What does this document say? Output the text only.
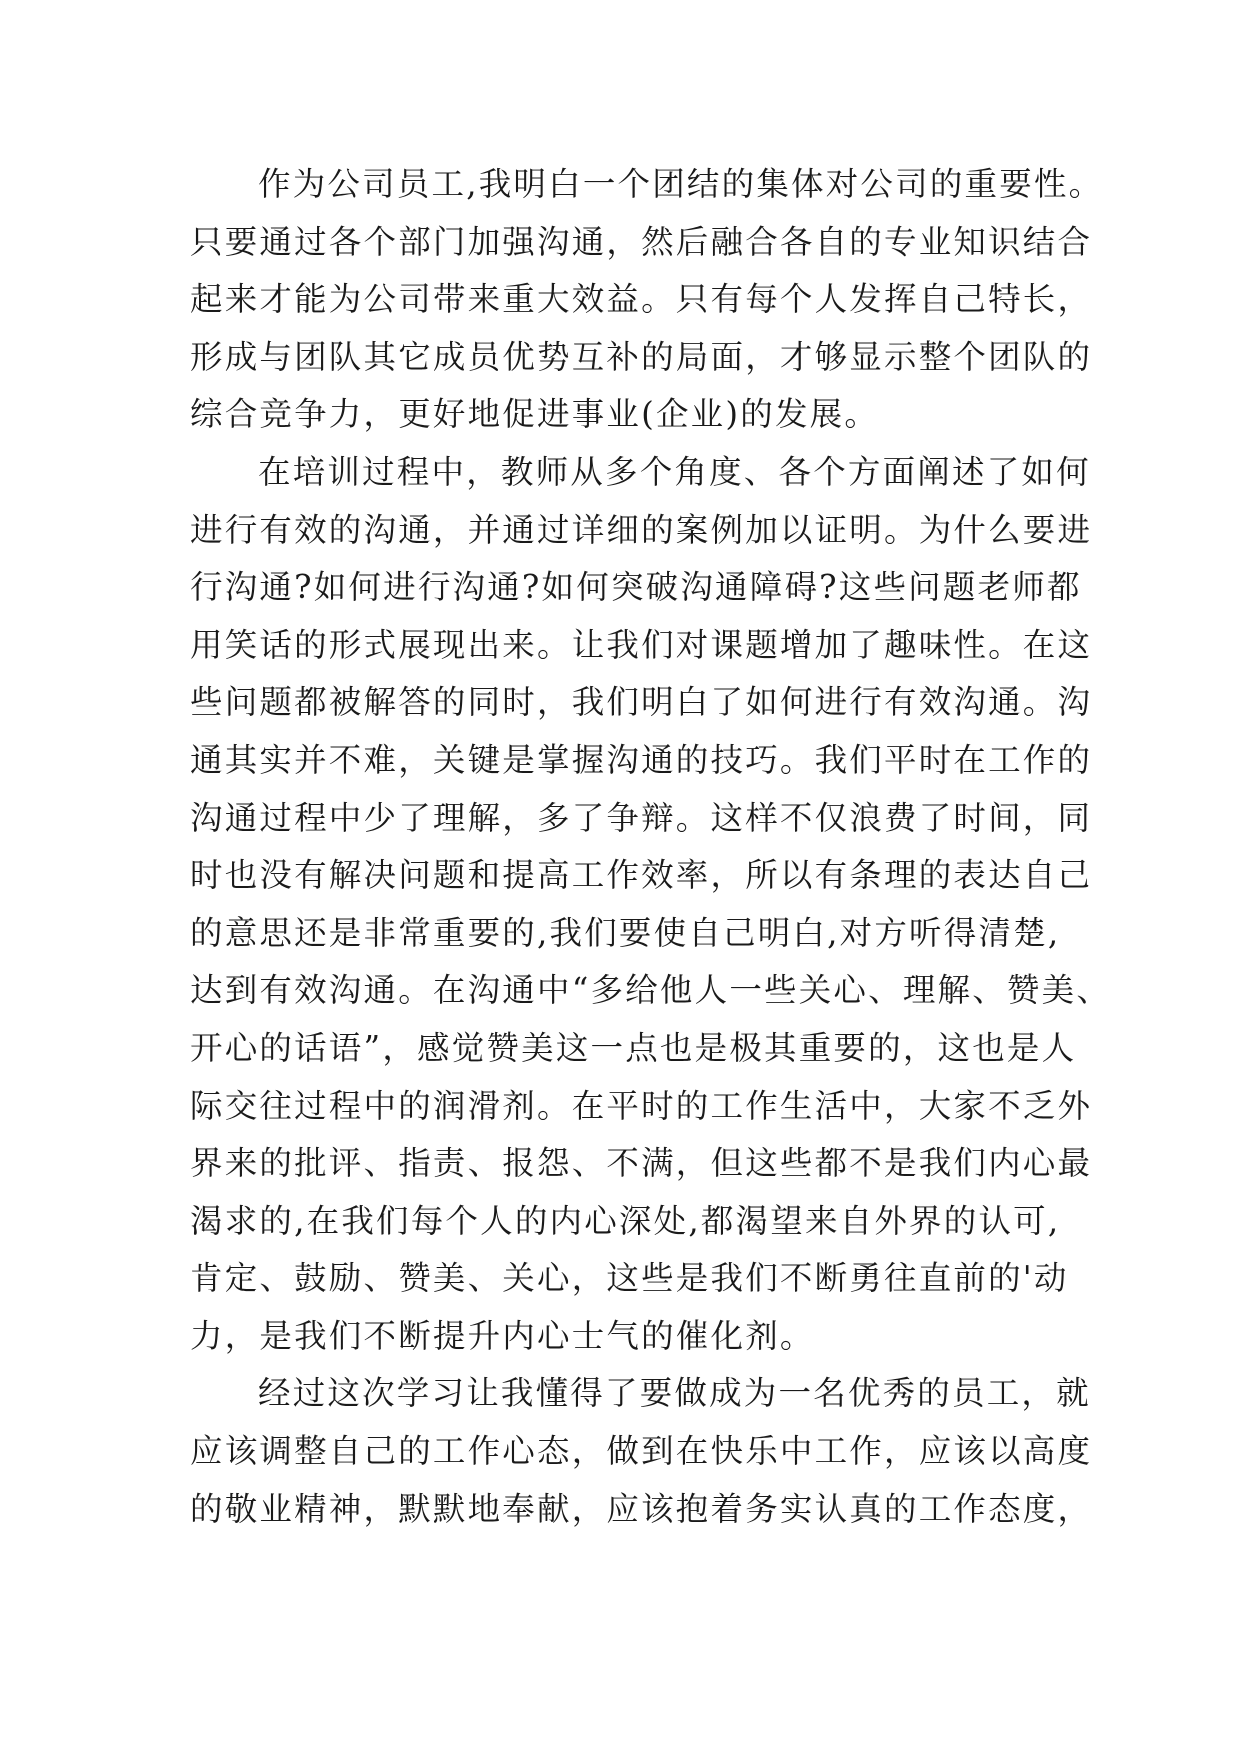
作为公司员工,我明白一个团结的集体对公司的重要性。
只要通过各个部门加强沟通，然后融合各自的专业知识结合
起来才能为公司带来重大效益。只有每个人发挥自己特长，
形成与团队其它成员优势互补的局面，才够显示整个团队的
综合竞争力，更好地促进事业(企业)的发展。
在培训过程中，教师从多个角度、各个方面阐述了如何
进行有效的沟通，并通过详细的案例加以证明。为什么要进
行沟通?如何进行沟通?如何突破沟通障碍?这些问题老师都
用笑话的形式展现出来。让我们对课题增加了趣味性。在这
些问题都被解答的同时，我们明白了如何进行有效沟通。沟
通其实并不难，关键是掌握沟通的技巧。我们平时在工作的
沟通过程中少了理解，多了争辩。这样不仅浪费了时间，同
时也没有解决问题和提高工作效率，所以有条理的表达自己
的意思还是非常重要的,我们要使自己明白,对方听得清楚,
达到有效沟通。在沟通中“多给他人一些关心、理解、赞美、
开心的话语”，感觉赞美这一点也是极其重要的，这也是人
际交往过程中的润滑剂。在平时的工作生活中，大家不乏外
界来的批评、指责、报怨、不满，但这些都不是我们内心最
渴求的,在我们每个人的内心深处,都渴望来自外界的认可,
肯定、鼓励、赞美、关心，这些是我们不断勇往直前的'动
力，是我们不断提升内心士气的催化剂。
经过这次学习让我懂得了要做成为一名优秀的员工，就
应该调整自己的工作心态，做到在快乐中工作，应该以高度
的敬业精神，默默地奉献，应该抱着务实认真的工作态度，
